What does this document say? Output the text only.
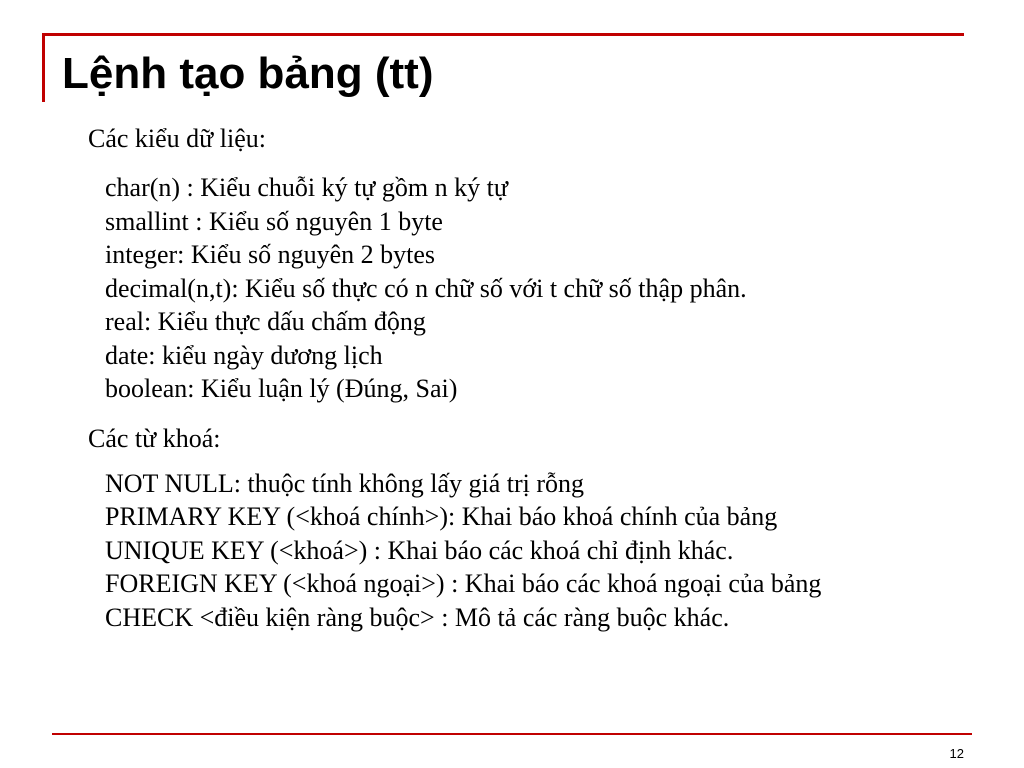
Lệnh tạo bảng (tt)

Các kiểu dữ liệu:

char(n) : Kiểu chuỗi ký tự gồm n ký tự
smallint : Kiểu số nguyên 1 byte
integer: Kiểu số nguyên 2 bytes
decimal(n,t): Kiểu số thực có n chữ số với t chữ số thập phân.
real: Kiểu thực dấu chấm động
date: kiểu ngày dương lịch
boolean: Kiểu luận lý (Đúng, Sai)

Các từ khoá:

NOT NULL: thuộc tính không lấy giá trị rỗng
PRIMARY KEY (<khoá chính>): Khai báo khoá chính của bảng
UNIQUE KEY (<khoá>) : Khai báo các khoá chỉ định khác.
FOREIGN KEY (<khoá ngoại>) : Khai báo các khoá ngoại của bảng
CHECK <điều kiện ràng buộc> : Mô tả các ràng buộc khác.
12
